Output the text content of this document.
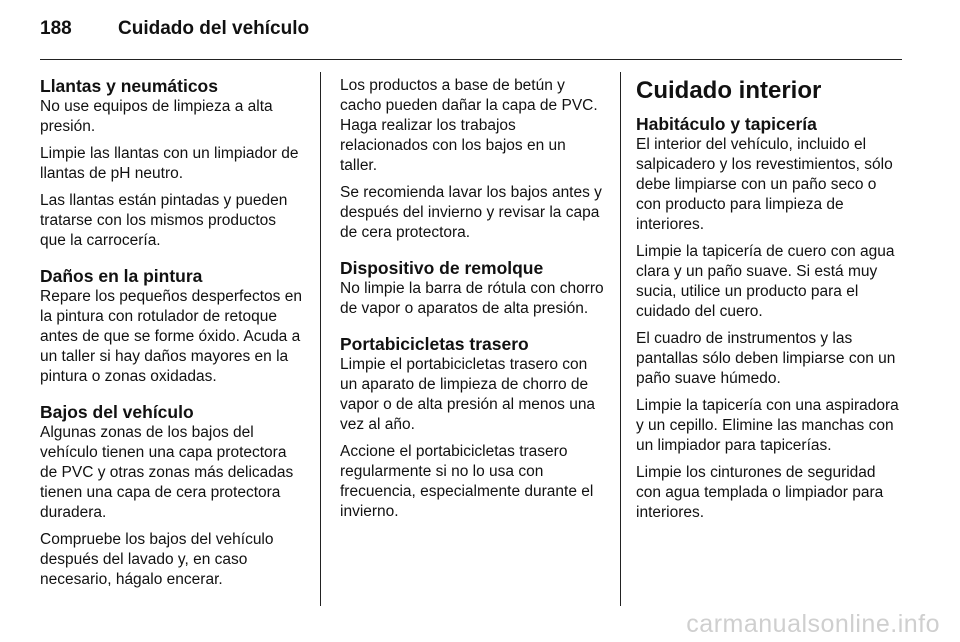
188 Cuidado del vehículo
Llantas y neumáticos

No use equipos de limpieza a alta presión.

Limpie las llantas con un limpiador de llantas de pH neutro.

Las llantas están pintadas y pueden tratarse con los mismos productos que la carrocería.

Daños en la pintura

Repare los pequeños desperfectos en la pintura con rotulador de retoque antes de que se forme óxido. Acuda a un taller si hay daños mayores en la pintura o zonas oxidadas.

Bajos del vehículo

Algunas zonas de los bajos del vehículo tienen una capa protectora de PVC y otras zonas más delicadas tienen una capa de cera protectora duradera.

Compruebe los bajos del vehículo después del lavado y, en caso necesario, hágalo encerar.

Los productos a base de betún y cacho pueden dañar la capa de PVC. Haga realizar los trabajos relacionados con los bajos en un taller.

Se recomienda lavar los bajos antes y después del invierno y revisar la capa de cera protectora.

Dispositivo de remolque

No limpie la barra de rótula con chorro de vapor o aparatos de alta presión.

Portabicicletas trasero

Limpie el portabicicletas trasero con un aparato de limpieza de chorro de vapor o de alta presión al menos una vez al año.

Accione el portabicicletas trasero regularmente si no lo usa con frecuencia, especialmente durante el invierno.

Cuidado interior
Habitáculo y tapicería

El interior del vehículo, incluido el salpicadero y los revestimientos, sólo debe limpiarse con un paño seco o con producto para limpieza de interiores.

Limpie la tapicería de cuero con agua clara y un paño suave. Si está muy sucia, utilice un producto para el cuidado del cuero.

El cuadro de instrumentos y las pantallas sólo deben limpiarse con un paño suave húmedo.

Limpie la tapicería con una aspiradora y un cepillo. Elimine las manchas con un limpiador para tapicerías.

Limpie los cinturones de seguridad con agua templada o limpiador para interiores.

carmanualsonline.info
